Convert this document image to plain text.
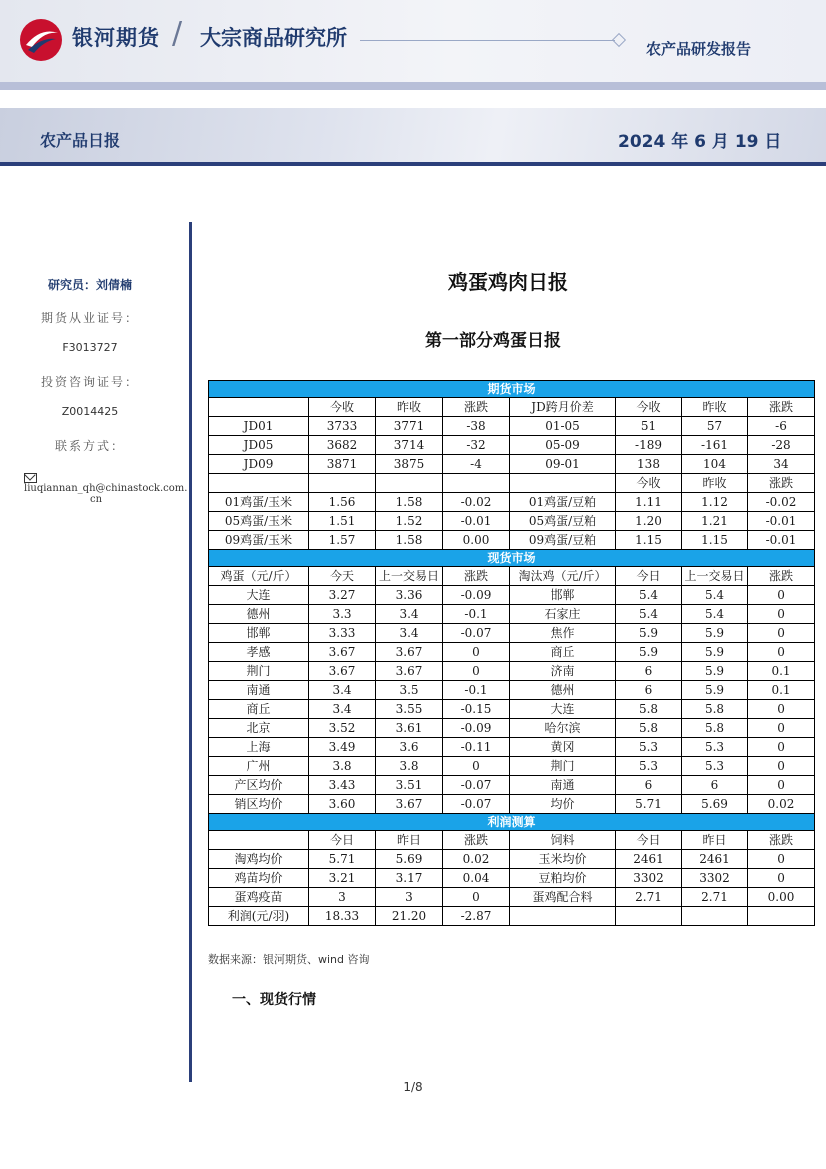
银河期货 / 大宗商品研究所	农产品研发报告
农产品日报	2024 年 6 月 19 日
研究员：刘倩楠
期货从业证号：
F3013727
投资咨询证号：
Z0014425
联系方式：
liuqiannan_qh@chinastock.com.
cn
鸡蛋鸡肉日报
第一部分鸡蛋日报
期货市场							
	今收	昨收	涨跌	JD跨月价差	今收	昨收	涨跌
JD01	3733	3771	-38	01-05	51	57	-6
JD05	3682	3714	-32	05-09	-189	-161	-28
JD09	3871	3875	-4	09-01	138	104	34
					今收	昨收	涨跌
01鸡蛋/玉米	1.56	1.58	-0.02	01鸡蛋/豆粕	1.11	1.12	-0.02
05鸡蛋/玉米	1.51	1.52	-0.01	05鸡蛋/豆粕	1.20	1.21	-0.01
09鸡蛋/玉米	1.57	1.58	0.00	09鸡蛋/豆粕	1.15	1.15	-0.01
现货市场							
鸡蛋（元/斤）	今天	上一交易日	涨跌	淘汰鸡（元/斤）	今日	上一交易日	涨跌
大连	3.27	3.36	-0.09	邯郸	5.4	5.4	0
德州	3.3	3.4	-0.1	石家庄	5.4	5.4	0
邯郸	3.33	3.4	-0.07	焦作	5.9	5.9	0
孝感	3.67	3.67	0	商丘	5.9	5.9	0
荆门	3.67	3.67	0	济南	6	5.9	0.1
南通	3.4	3.5	-0.1	德州	6	5.9	0.1
商丘	3.4	3.55	-0.15	大连	5.8	5.8	0
北京	3.52	3.61	-0.09	哈尔滨	5.8	5.8	0
上海	3.49	3.6	-0.11	黄冈	5.3	5.3	0
广州	3.8	3.8	0	荆门	5.3	5.3	0
产区均价	3.43	3.51	-0.07	南通	6	6	0
销区均价	3.60	3.67	-0.07	均价	5.71	5.69	0.02
利润测算							
	今日	昨日	涨跌	饲料	今日	昨日	涨跌
淘鸡均价	5.71	5.69	0.02	玉米均价	2461	2461	0
鸡苗均价	3.21	3.17	0.04	豆粕均价	3302	3302	0
蛋鸡疫苗	3	3	0	蛋鸡配合料	2.71	2.71	0.00
利润(元/羽)	18.33	21.20	-2.87				
数据来源：银河期货、wind 咨询
一、现货行情
1/8
